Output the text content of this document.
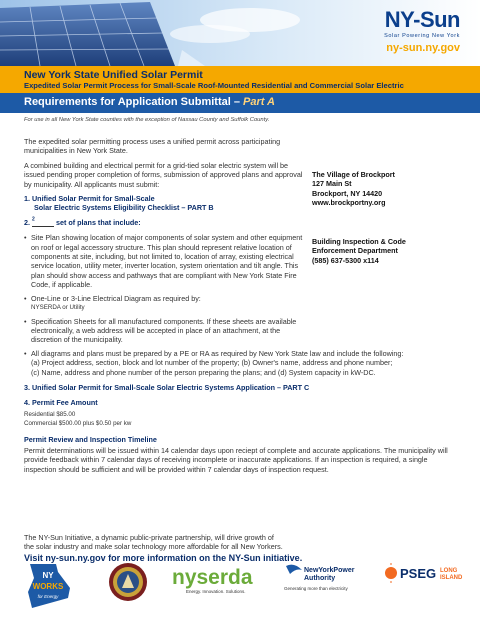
NY-Sun
Solar Powering New York
ny-sun.ny.gov
New York State Unified Solar Permit
Expedited Solar Permit Process for Small-Scale Roof-Mounted Residential and Commercial Solar Electric
Requirements for Application Submittal – Part A
For use in all New York State counties with the exception of Nassau County and Suffolk County.
The expedited solar permitting process uses a unified permit across participating municipalities in New York State.
A combined building and electrical permit for a grid-tied solar electric system will be issued pending proper completion of forms, submission of approved plans and approval by municipality. All applicants must submit:
1. Unified Solar Permit for Small-Scale
Solar Electric Systems Eligibility Checklist – PART B
2. $^2$	set of plans that include:
• Site Plan showing location of major components of solar system and other equipment on roof or legal accessory structure. This plan should represent relative location of components at site, including, but not limited to, location of array, existing electrical service location, utility meter, inverter location, system orientation and tilt angle. This plan should show access and pathways that are compliant with New York State Fire Code, if applicable.
• One-Line or 3-Line Electrical Diagram as required by:
NYSERDA or Utility
• Specification Sheets for all manufactured components. If these sheets are available electronically, a web address will be accepted in place of an attachment, at the discretion of the municipality.
• All diagrams and plans must be prepared by a PE or RA as required by New York State law and include the following:
(a) Project address, section, block and lot number of the property; (b) Owner's name, address and phone number;
(c) Name, address and phone number of the person preparing the plans; and (d) System capacity in kW-DC.
3. Unified Solar Permit for Small-Scale Solar Electric Systems Application – PART C
4. Permit Fee Amount
Residential $85.00
Commercial $500.00 plus $0.50 per kw
Permit Review and Inspection Timeline
Permit determinations will be issued within 14 calendar days upon reciept of complete and accurate applications. The municipality will provide feedback within 7 calendar days of receiving incomplete or inaccurate applications. If an inspection is required, a single inspection should be sufficient and will be provided within 7 calendar days of inspection request.
The Village of Brockport
127 Main St
Brockport, NY 14420
www.brockportny.org
Building Inspection & Code
Enforcement Department
(585) 637-5300 x114
The NY-Sun Initiative, a dynamic public-private partnership, will drive growth of
the solar industry and make solar technology more affordable for all New Yorkers.
Visit ny-sun.ny.gov for more information on the NY-Sun initiative.
NY
WORKS
for Energy
nyserda
Energy. Innovation. Solutions.
NewYorkPower
Authority
Generating more than electricity
PSEG LONG
ISLAND
